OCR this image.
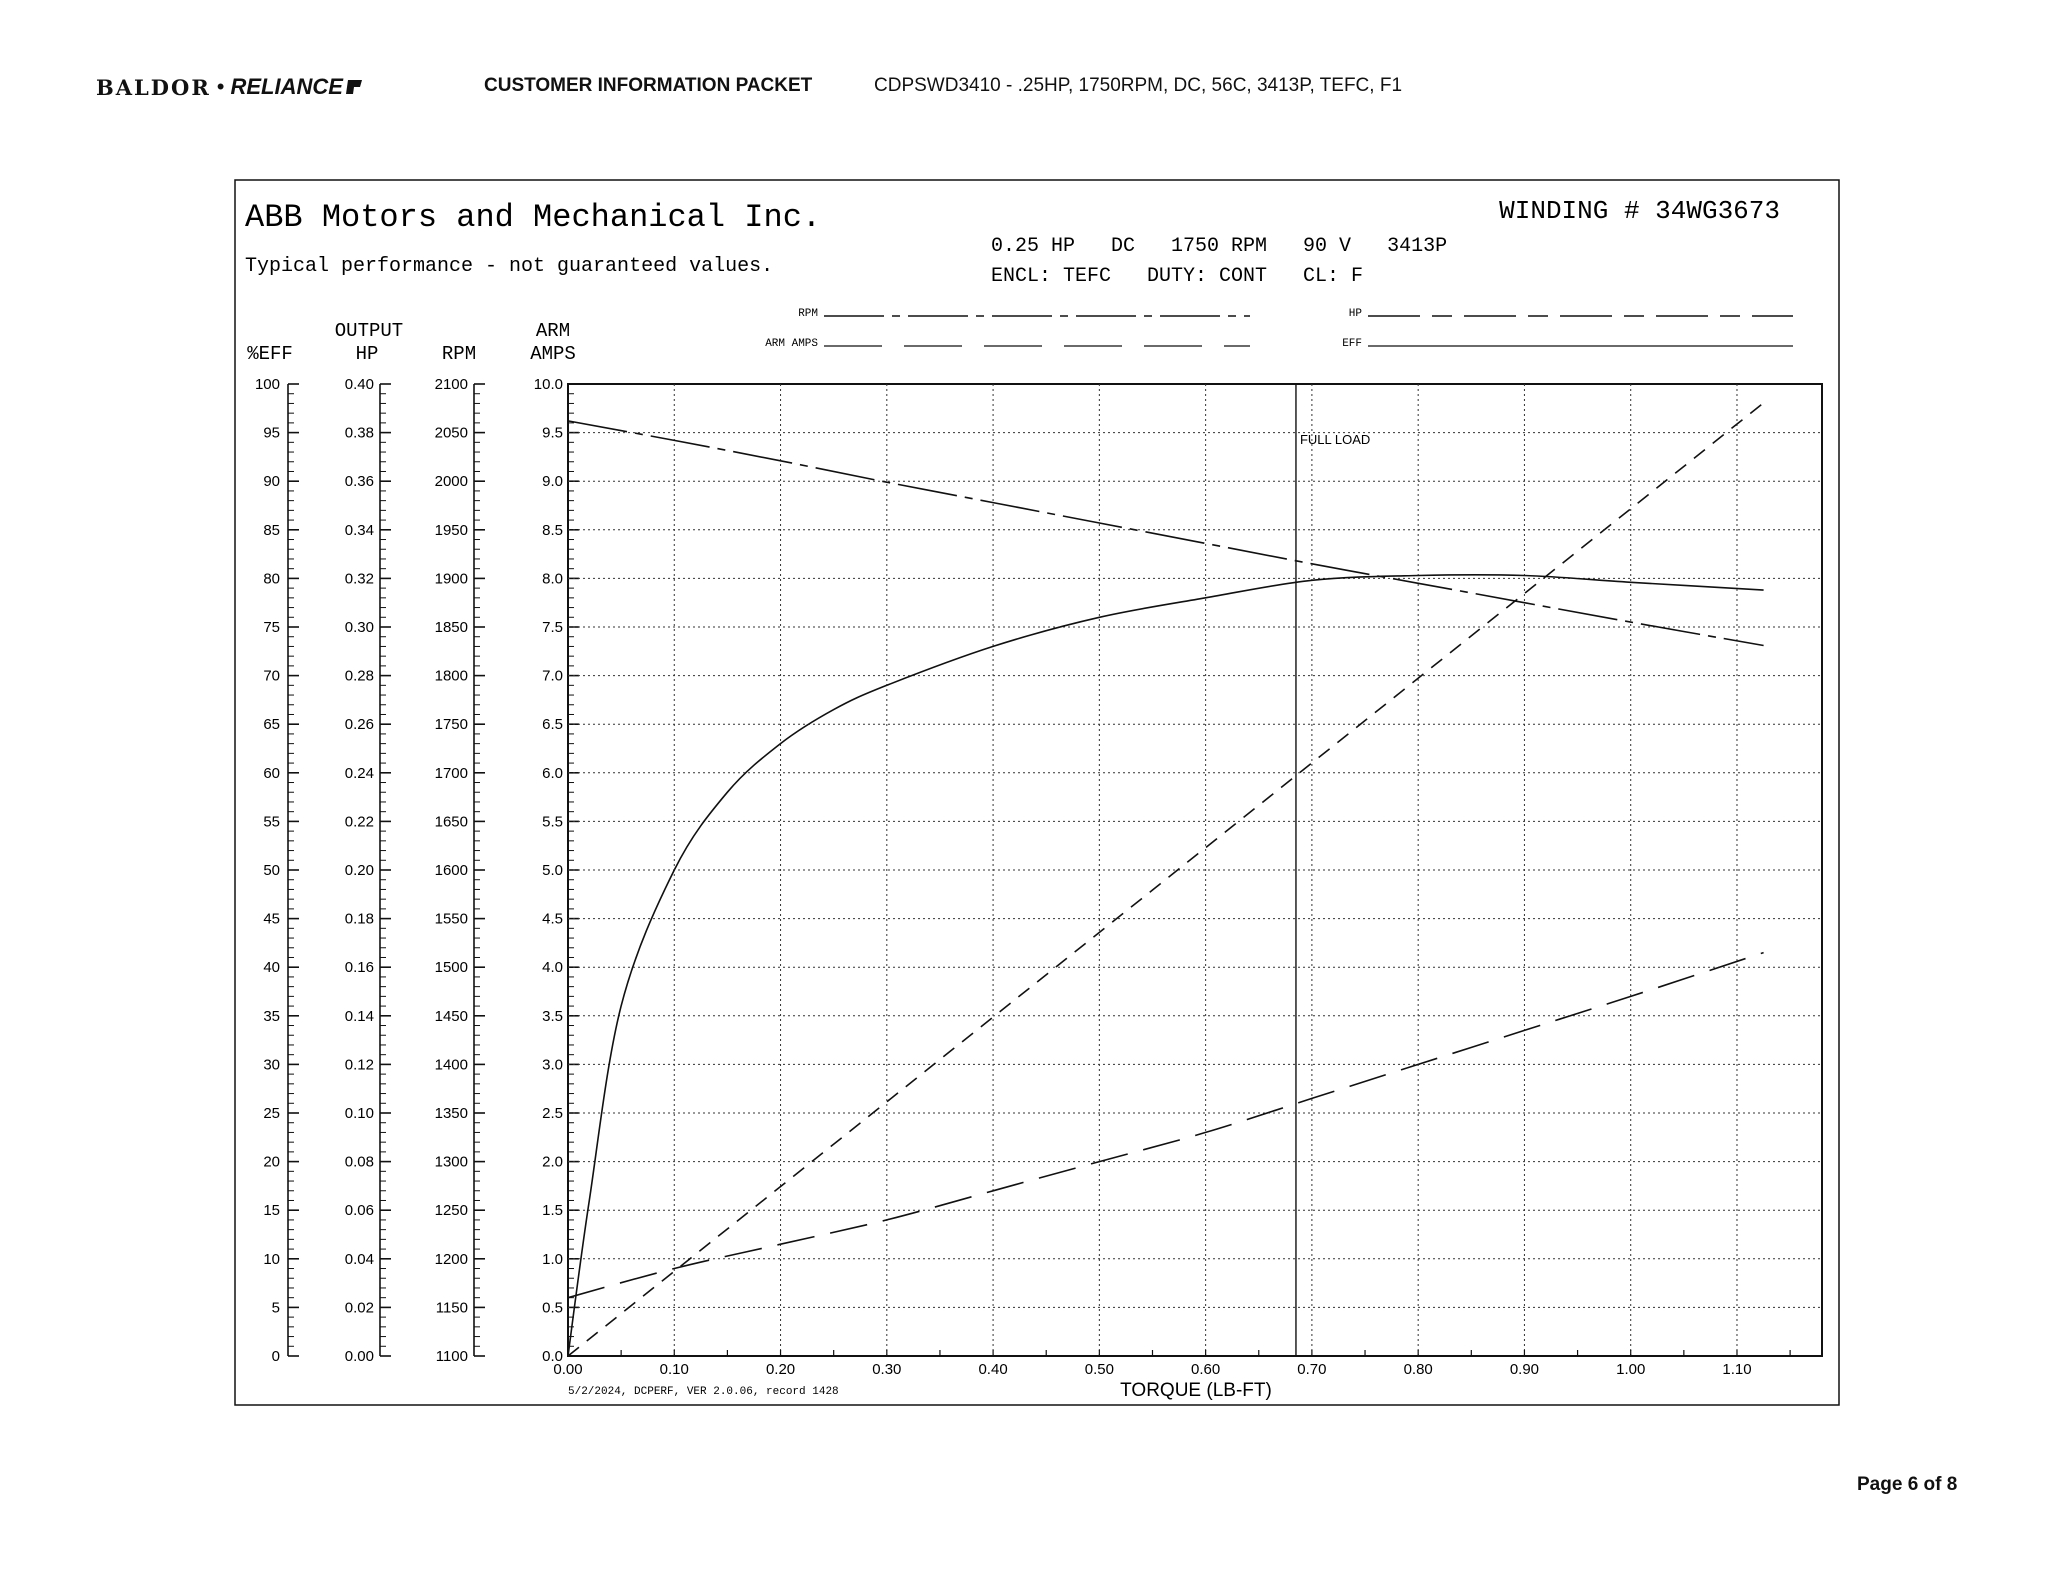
BALDOR • RELIANCE	CUSTOMER INFORMATION PACKET	CDPSWD3410 - .25HP, 1750RPM, DC, 56C, 3413P, TEFC, F1
ABB Motors and Mechanical Inc.
Typical performance - not guaranteed values.
WINDING # 34WG3673
0.25 HP   DC   1750 RPM   90 V   3413P
ENCL: TEFC   DUTY: CONT   CL: F
RPM
ARM AMPS
HP
EFF
%EFF
0
5
10
15
20
25
30
35
40
45
50
55
60
65
70
75
80
85
90
95
100
OUTPUT
HP
0.00
0.02
0.04
0.06
0.08
0.10
0.12
0.14
0.16
0.18
0.20
0.22
0.24
0.26
0.28
0.30
0.32
0.34
0.36
0.38
0.40
RPM
1100
1150
1200
1250
1300
1350
1400
1450
1500
1550
1600
1650
1700
1750
1800
1850
1900
1950
2000
2050
2100
ARM
AMPS
0.0
0.5
1.0
1.5
2.0
2.5
3.0
3.5
4.0
4.5
5.0
5.5
6.0
6.5
7.0
7.5
8.0
8.5
9.0
9.5
10.0
0.00	0.10	0.20	0.30	0.40	0.50	0.60	0.70	0.80	0.90	1.00	1.10
FULL LOAD
5/2/2024, DCPERF, VER 2.0.06, record 1428	TORQUE (LB-FT)
Page 6 of 8
